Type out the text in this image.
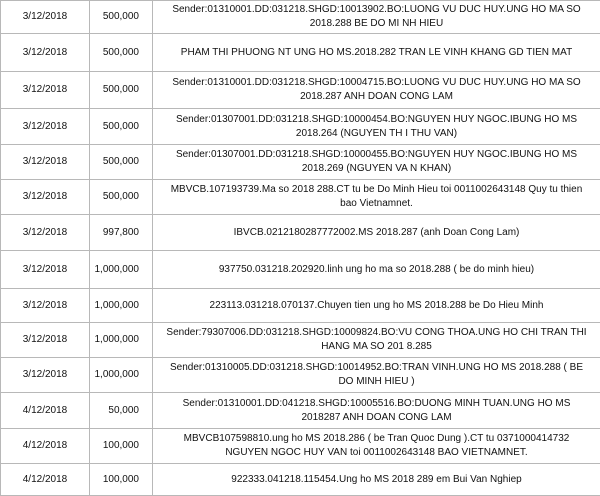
3/12/2018	500,000	Sender:01310001.DD:031218.SHGD:10013902.BO:LUONG VU DUC HUY.UNG HO MA SO 2018.288 BE DO MI NH HIEU
3/12/2018	500,000	PHAM THI PHUONG NT UNG HO MS.2018.282 TRAN LE VINH KHANG GD TIEN MAT
3/12/2018	500,000	Sender:01310001.DD:031218.SHGD:10004715.BO:LUONG VU DUC HUY.UNG HO MA SO 2018.287 ANH DOAN CONG LAM
3/12/2018	500,000	Sender:01307001.DD:031218.SHGD:10000454.BO:NGUYEN HUY NGOC.IBUNG HO MS 2018.264 (NGUYEN TH I THU VAN)
3/12/2018	500,000	Sender:01307001.DD:031218.SHGD:10000455.BO:NGUYEN HUY NGOC.IBUNG HO MS 2018.269 (NGUYEN VA N KHAN)
3/12/2018	500,000	MBVCB.107193739.Ma so 2018 288.CT tu be Do Minh Hieu toi 0011002643148 Quy tu thien bao Vietnamnet.
3/12/2018	997,800	IBVCB.0212180287772002.MS 2018.287 (anh Doan Cong Lam)
3/12/2018	1,000,000	937750.031218.202920.linh ung ho ma so 2018.288 ( be do minh hieu)
3/12/2018	1,000,000	223113.031218.070137.Chuyen tien ung ho MS 2018.288 be Do Hieu Minh
3/12/2018	1,000,000	Sender:79307006.DD:031218.SHGD:10009824.BO:VU CONG THOA.UNG HO CHI TRAN THI HANG MA SO 201 8.285
3/12/2018	1,000,000	Sender:01310005.DD:031218.SHGD:10014952.BO:TRAN VINH.UNG HO MS 2018.288 ( BE DO MINH HIEU )
4/12/2018	50,000	Sender:01310001.DD:041218.SHGD:10005516.BO:DUONG MINH TUAN.UNG HO MS 2018287 ANH DOAN CONG LAM
4/12/2018	100,000	MBVCB107598810.ung ho MS 2018.286 ( be Tran Quoc Dung ).CT tu 0371000414732 NGUYEN NGOC HUY VAN toi 0011002643148 BAO VIETNAMNET.
4/12/2018	100,000	922333.041218.115454.Ung ho MS 2018 289 em Bui Van Nghiep
